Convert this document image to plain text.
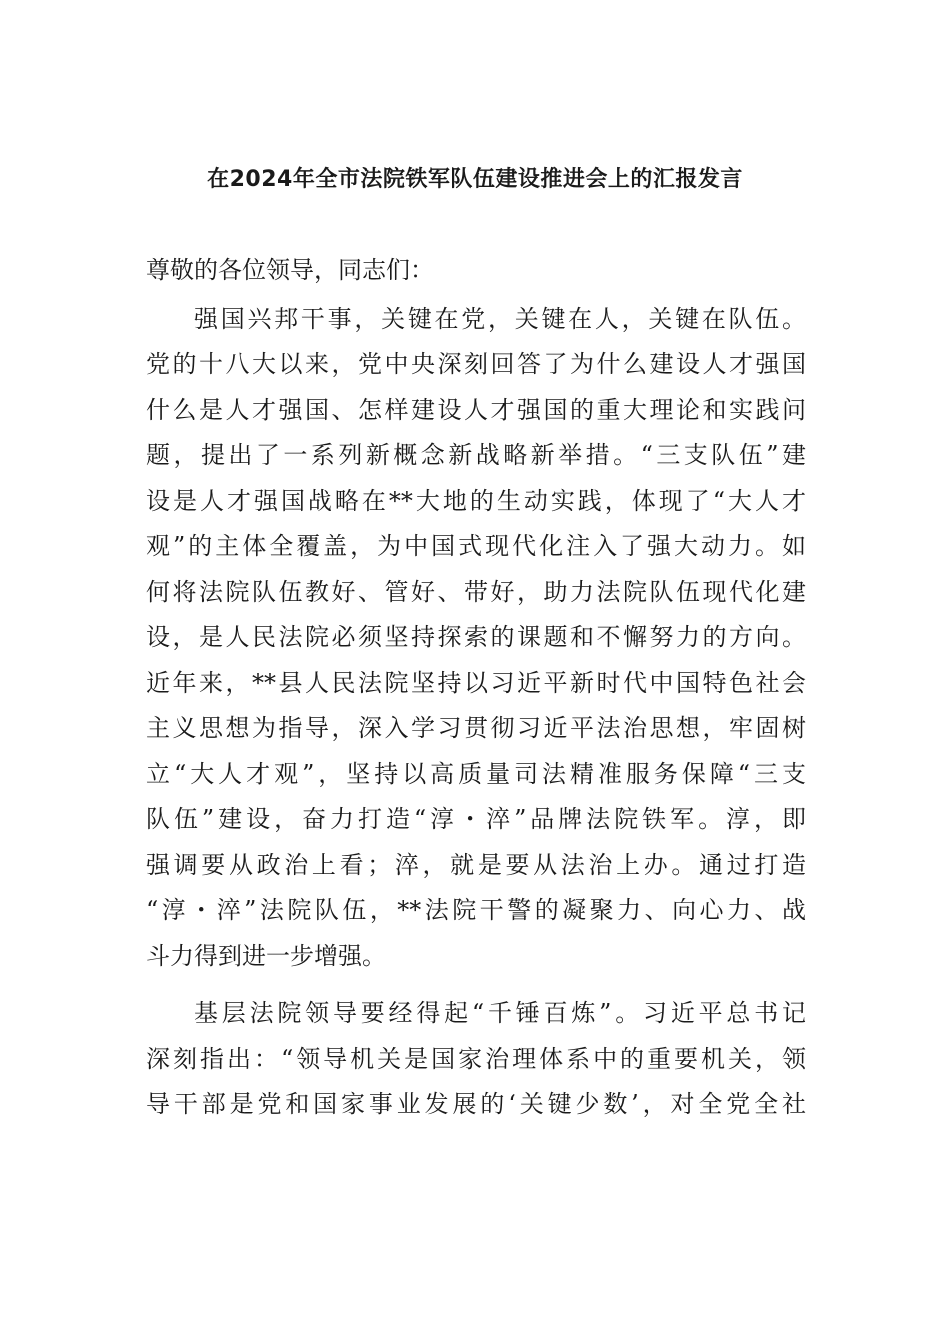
在2024年全市法院铁军队伍建设推进会上的汇报发言
尊敬的各位领导，同志们：
强国兴邦干事，关键在党，关键在人，关键在队伍。
党的十八大以来，党中央深刻回答了为什么建设人才强国
什么是人才强国、怎样建设人才强国的重大理论和实践问
题，提出了一系列新概念新战略新举措。“三支队伍”建
设是人才强国战略在**大地的生动实践，体现了“大人才
观”的主体全覆盖，为中国式现代化注入了强大动力。如
何将法院队伍教好、管好、带好，助力法院队伍现代化建
设，是人民法院必须坚持探索的课题和不懈努力的方向。
近年来，**县人民法院坚持以习近平新时代中国特色社会
主义思想为指导，深入学习贯彻习近平法治思想，牢固树
立“大人才观”，坚持以高质量司法精准服务保障“三支
队伍”建设，奋力打造“淳・淬”品牌法院铁军。淳，即
强调要从政治上看；淬，就是要从法治上办。通过打造
“淳・淬”法院队伍，**法院干警的凝聚力、向心力、战
斗力得到进一步增强。
基层法院领导要经得起“千锤百炼”。习近平总书记
深刻指出：“领导机关是国家治理体系中的重要机关，领
导干部是党和国家事业发展的‘关键少数’，对全党全社
